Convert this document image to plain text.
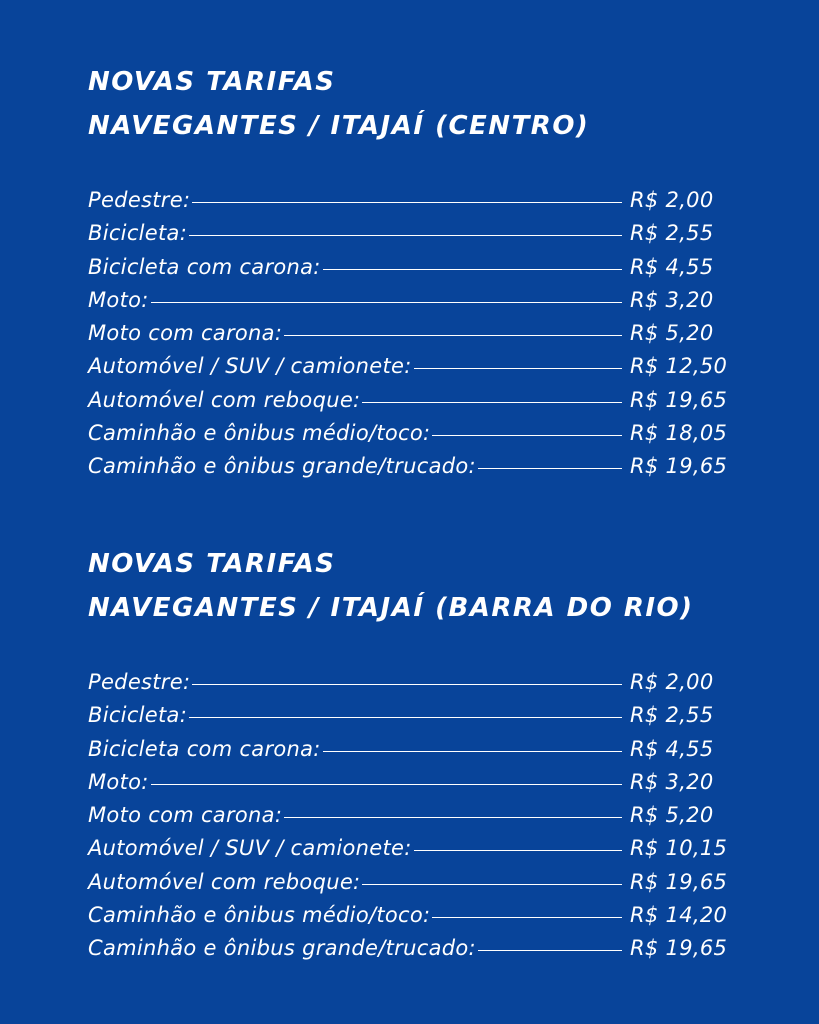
NOVAS TARIFAS

NAVEGANTES / ITAJAÍ (CENTRO)

Pedestre:	R$ 2,00
Bicicleta:	R$ 2,55
Bicicleta com carona:	R$ 4,55
Moto:	R$ 3,20
Moto com carona:	R$ 5,20
Automóvel / SUV / camionete:	R$ 12,50
Automóvel com reboque:	R$ 19,65
Caminhão e ônibus médio/toco:	R$ 18,05
Caminhão e ônibus grande/trucado:	R$ 19,65

NOVAS TARIFAS

NAVEGANTES / ITAJAÍ (BARRA DO RIO)

Pedestre:	R$ 2,00
Bicicleta:	R$ 2,55
Bicicleta com carona:	R$ 4,55
Moto:	R$ 3,20
Moto com carona:	R$ 5,20
Automóvel / SUV / camionete:	R$ 10,15
Automóvel com reboque:	R$ 19,65
Caminhão e ônibus médio/toco:	R$ 14,20
Caminhão e ônibus grande/trucado:	R$ 19,65
